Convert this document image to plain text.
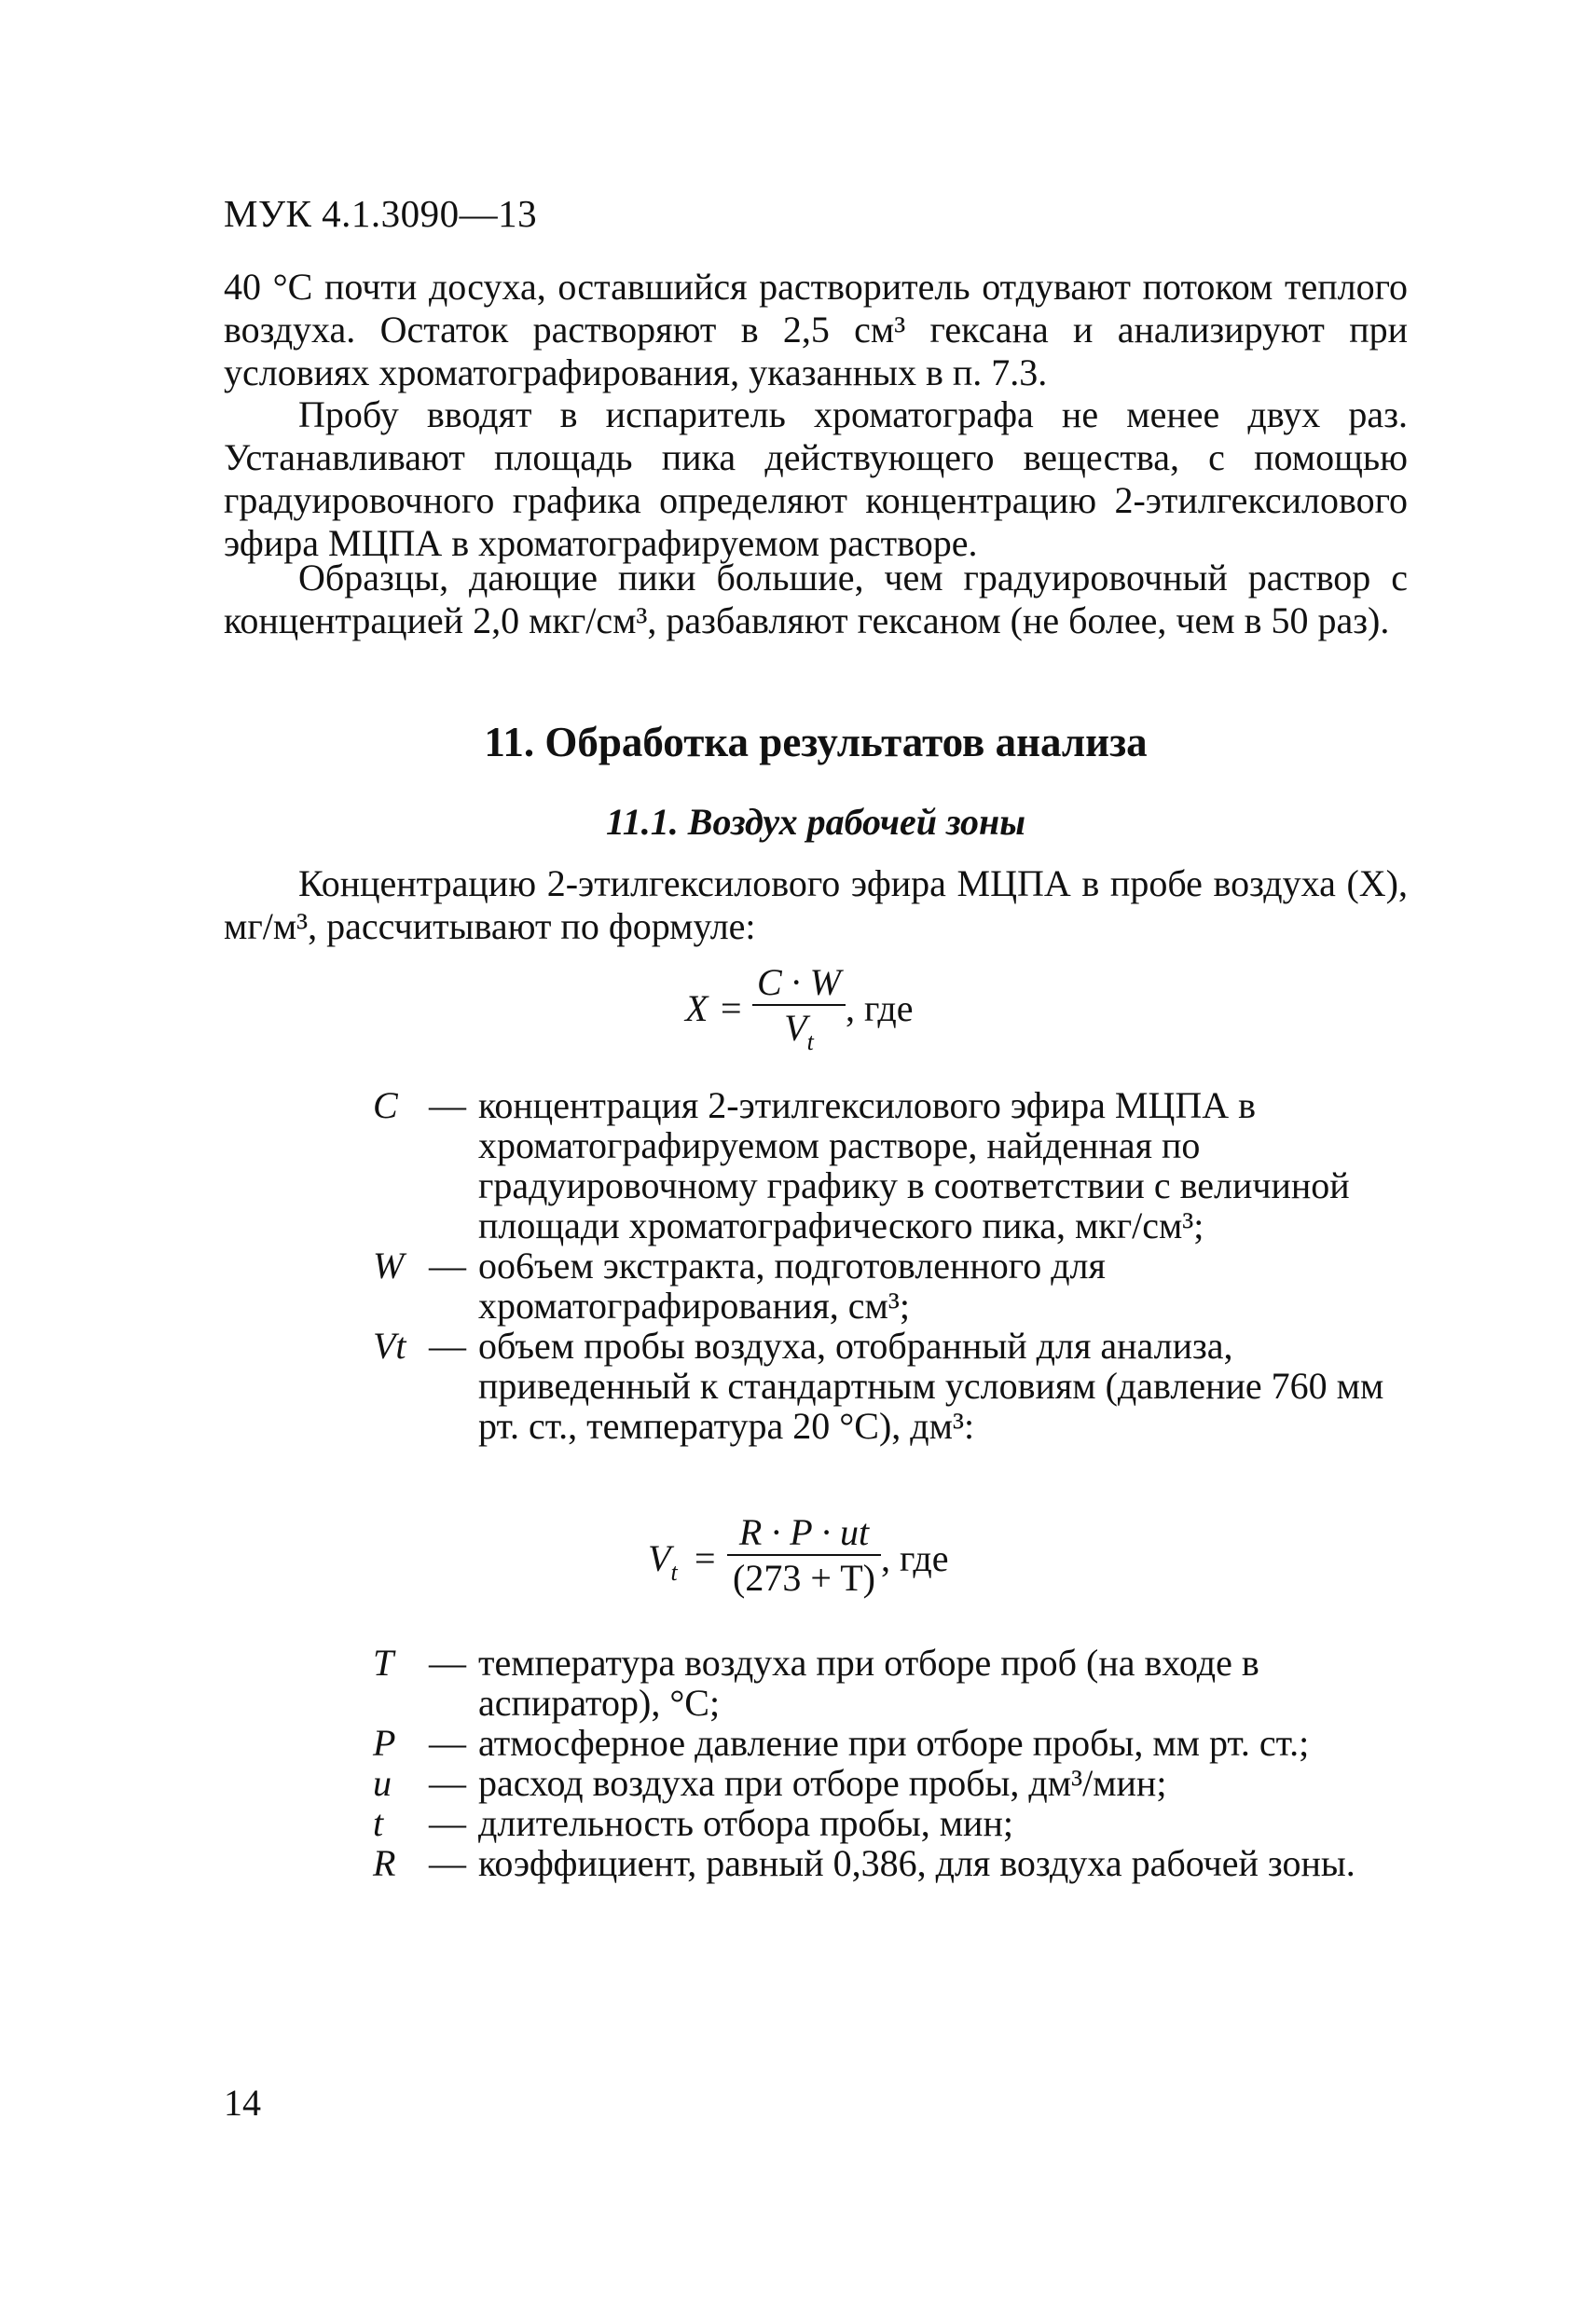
МУК 4.1.3090—13
40 °С почти досуха, оставшийся растворитель отдувают потоком теплого воздуха. Остаток растворяют в 2,5 см³ гексана и анализируют при условиях хроматографирования, указанных в п. 7.3.
Пробу вводят в испаритель хроматографа не менее двух раз. Устанавливают площадь пика действующего вещества, с помощью градуировочного графика определяют концентрацию 2-этилгексилового эфира МЦПА в хроматографируемом растворе.
Образцы, дающие пики большие, чем градуировочный раствор с концентрацией 2,0 мкг/см³, разбавляют гексаном (не более, чем в 50 раз).
11. Обработка результатов анализа
11.1. Воздух рабочей зоны
Концентрацию 2-этилгексилового эфира МЦПА в пробе воздуха (Х), мг/м³, рассчитывают по формуле:
X =
C · W
$V_t$
, где
C — концентрация 2-этилгексилового эфира МЦПА в хроматографируемом растворе, найденная по градуировочному графику в соответствии с величиной площади хроматографического пика, мкг/см³;
W — оо6ъем экстракта, подготовленного для хроматографирования, см³;
Vt — объем пробы воздуха, отобранный для анализа, приведенный к стандартным условиям (давление 760 мм рт. ст., температура 20 °С), дм³:
$V_t$ =
R · P · ut
(273 + T) , где
T — температура воздуха при отборе проб (на входе в аспиратор), °С;
P — атмосферное давление при отборе пробы, мм рт. ст.;
u	— расход воздуха при отборе пробы, дм³/мин;
t	— длительность отбора пробы, мин;
R — коэффициент, равный 0,386, для воздуха рабочей зоны.
14
